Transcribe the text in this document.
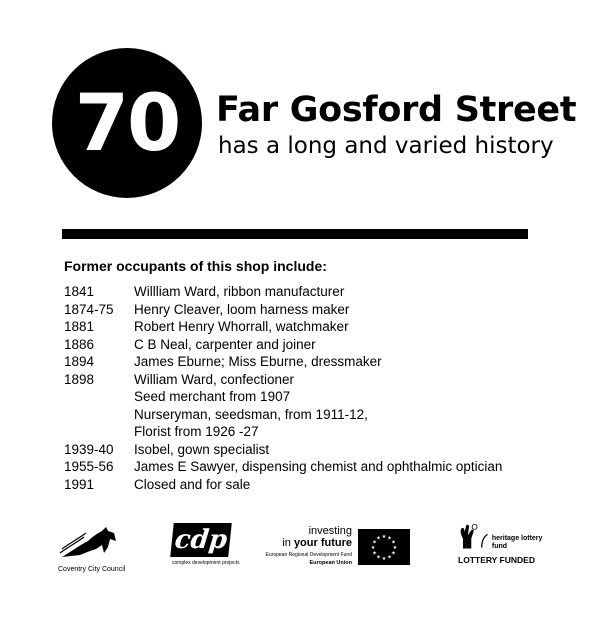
70 Far Gosford Street
has a long and varied history
Former occupants of this shop include:
1841	Willliam Ward, ribbon manufacturer
1874-75	Henry Cleaver, loom harness maker
1881	Robert Henry Whorrall, watchmaker
1886	C B Neal, carpenter and joiner
1894	James Eburne; Miss Eburne, dressmaker
1898	William Ward, confectioner
Seed merchant from 1907
Nurseryman, seedsman, from 1911-12,
Florist from 1926 -27
1939-40	Isobel, gown specialist
1955-56	James E Sawyer, dispensing chemist and ophthalmic optician
1991	Closed and for sale
Coventry City Council
cdp
complex development projects
investing
in your future
European Regional Development Fund
European Union
★ ★
★
★
★
★
★
★
★
★
★
★	heritage lottery fund
LOTTERY FUNDED
